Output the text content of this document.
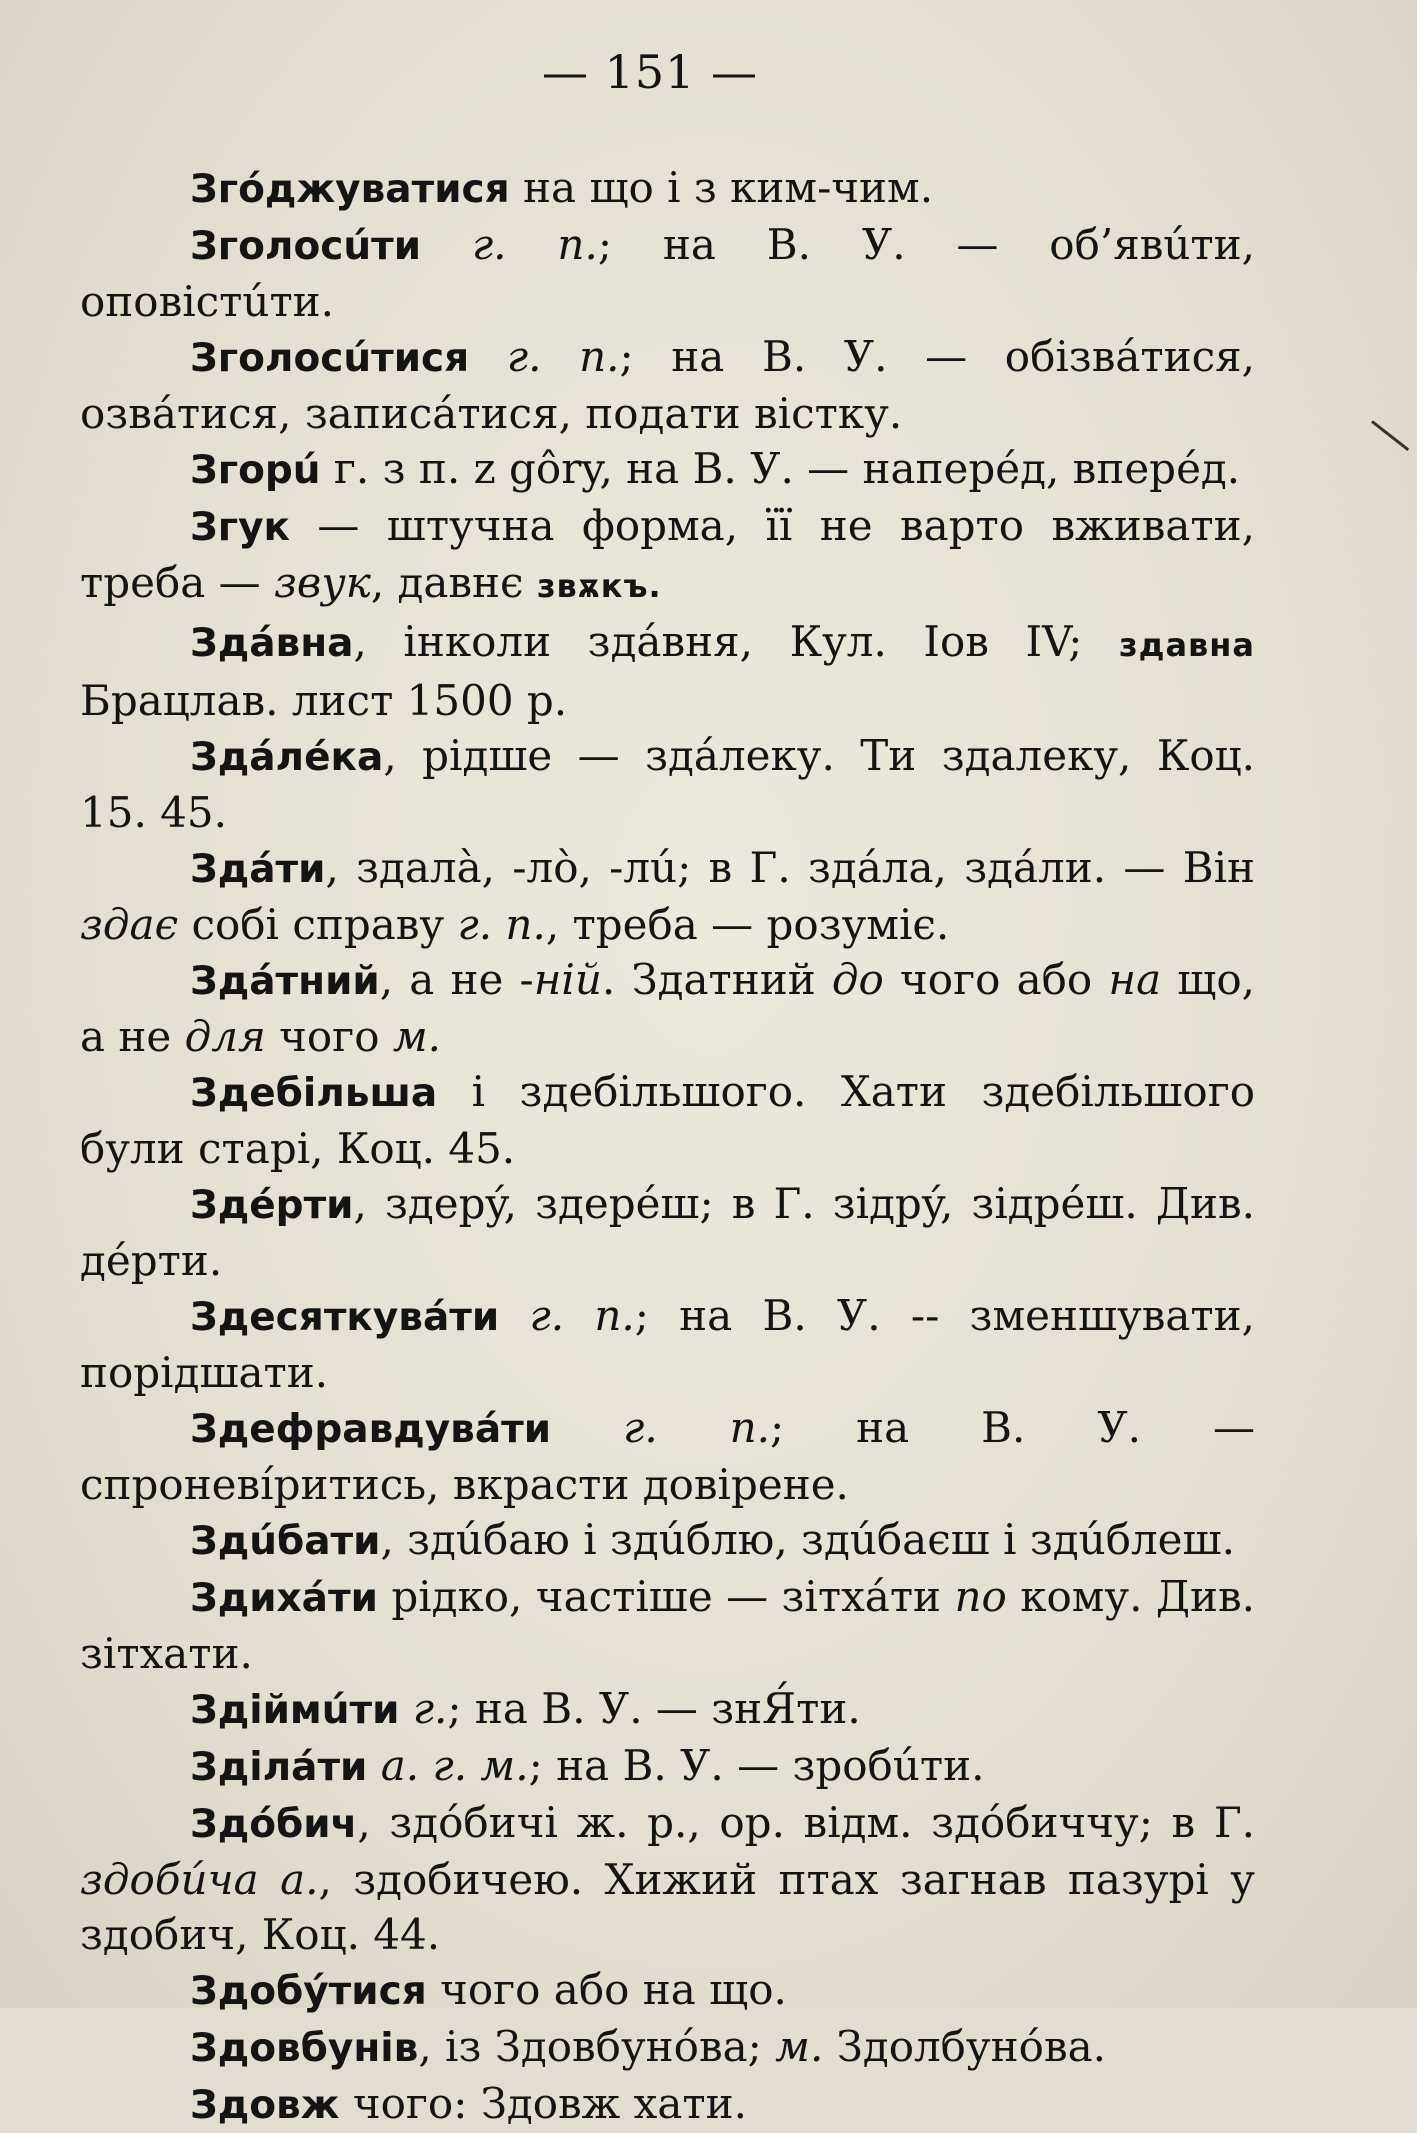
— 151 —

Згóджуватися на що і з ким-чим.

Зголосúти г. п.; на В. У. — об’явúти, оповістúти.

Зголосúтися г. п.; на В. У. — обізвáтися, озвáтися, записáтися, подати вістку.

Згорú г. з п. z gôry, на В. У. — напере́д, впере́д.

Згук — штучна форма, її не варто вживати, треба — звук, давнє звѫкъ.

Здáвна, інколи здáвня, Кул. Іов IV; здавна Брацлав. лист 1500 р.

Здáле́ка, рідше — здáлеку. Ти здалеку, Коц. 15. 45.

Здáти, здалà, -лò, -лú; в Г. здáла, здáли. — Він здає собі справу г. п., треба — розуміє.

Здáтний, а не -ній. Здатний до чого або на що, а не для чого м.

Здебільша і здебільшого. Хати здебільшого були старі, Коц. 45.

Зде́рти, здерý, здере́ш; в Г. зідрý, зідре́ш. Див. де́рти.

Здесяткувáти г. п.; на В. У. -- зменшувати, порідшати.

Здефравдувáти г. п.; на В. У. — спроневíритись, вкрасти довірене.

Здúбати, здúбаю і здúблю, здúбаєш і здúблеш.

Здихáти рідко, частіше — зітхáти по кому. Див. зітхати.

Здіймúти г.; на В. У. — знЯ́ти.

Зділáти а. г. м.; на В. У. — зробúти.

Здóбич, здóбичі ж. р., ор. відм. здóбиччу; в Г. здобúча а., здобичею. Хижий птах загнав пазурі у здобич, Коц. 44.

Здобýтися чого або на що.

Здовбунів, із Здовбунóва; м. Здолбунóва.

Здовж чого: Здовж хати.
